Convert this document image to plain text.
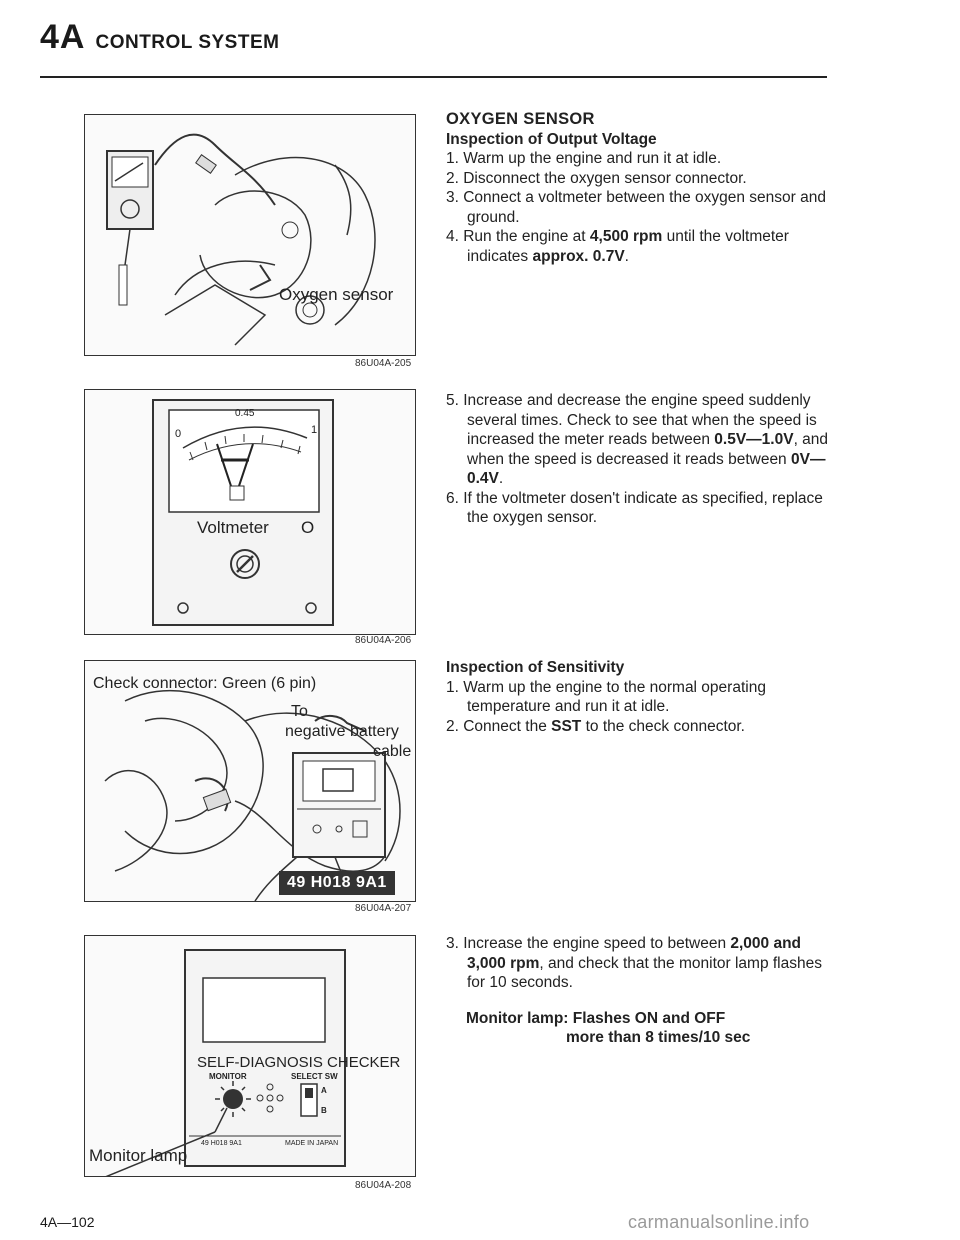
4A CONTROL SYSTEM
Oxygen sensor
86U04A-205
0.45
0	1
Voltmeter O
86U04A-206
Check connector: Green (6 pin)
To
negative battery
cable
49 H018 9A1
86U04A-207
SELF-DIAGNOSIS CHECKER
MONITOR	SELECT SW
A
B
49 H018 9A1	MADE IN JAPAN
Monitor lamp
86U04A-208
OXYGEN SENSOR
Inspection of Output Voltage

1. Warm up the engine and run it at idle.

2. Disconnect the oxygen sensor connector.

3. Connect a voltmeter between the oxygen sensor and ground.

4. Run the engine at 4,500 rpm until the voltmeter indicates approx. 0.7V.

5. Increase and decrease the engine speed suddenly several times. Check to see that when the speed is increased the meter reads between 0.5V—1.0V, and when the speed is decreased it reads between 0V—0.4V.

6. If the voltmeter dosen't indicate as specified, replace the oxygen sensor.

Inspection of Sensitivity

1. Warm up the engine to the normal operating temperature and run it at idle.

2. Connect the SST to the check connector.

3. Increase the engine speed to between 2,000 and 3,000 rpm, and check that the monitor lamp flashes for 10 seconds.

Monitor lamp: Flashes ON and OFF
more than 8 times/10 sec
4A—102	carmanualsonline.info
